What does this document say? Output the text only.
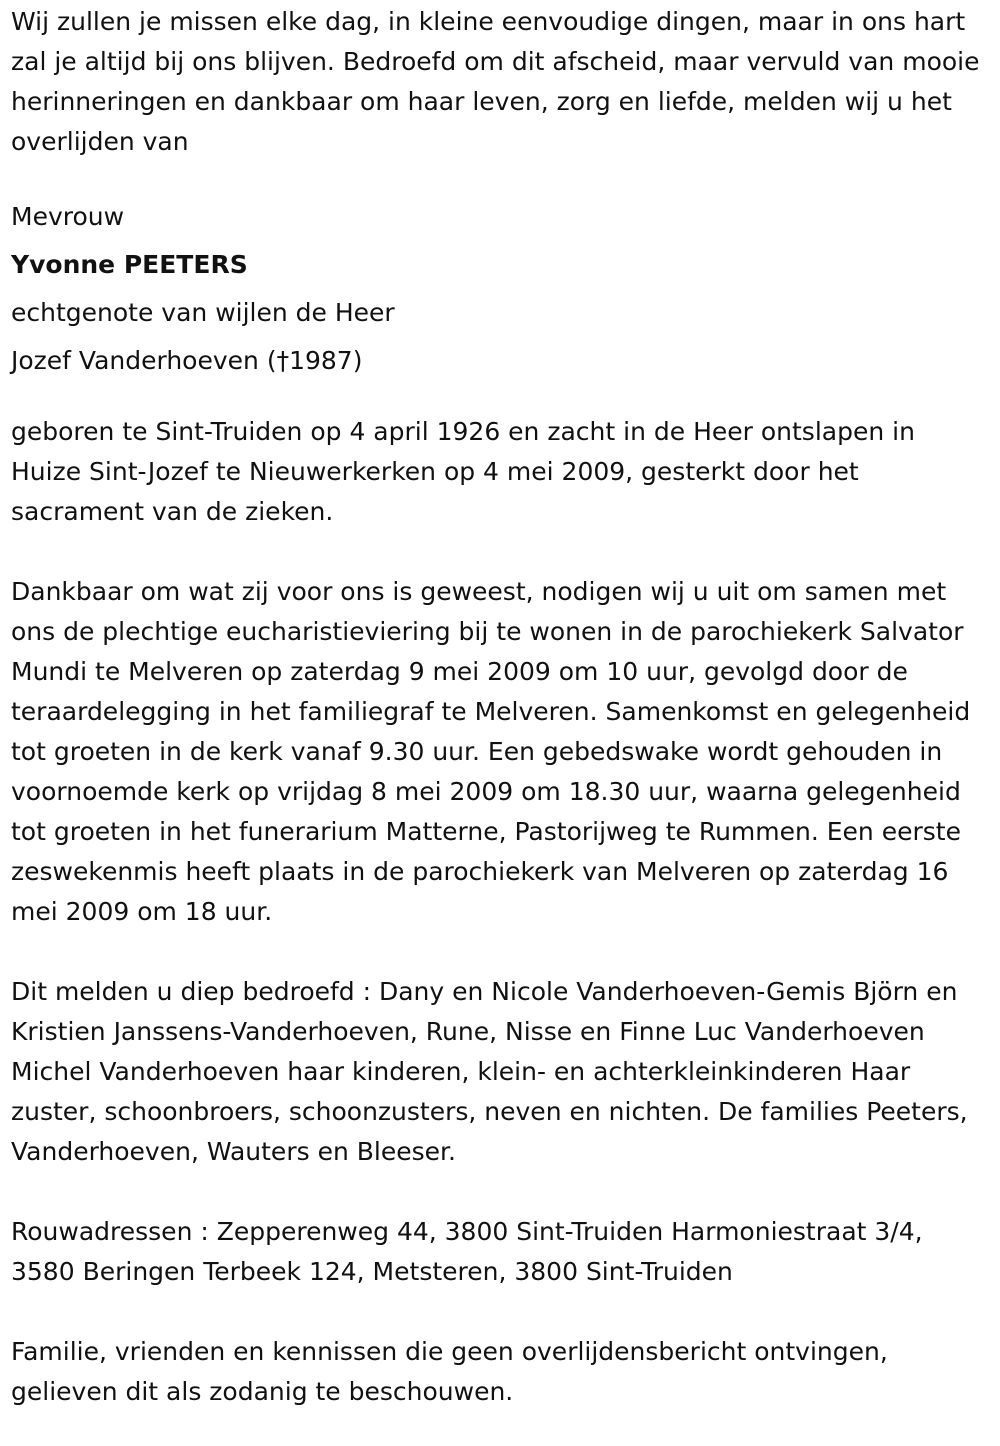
Wij zullen je missen elke dag, in kleine eenvoudige dingen, maar in ons hart zal je altijd bij ons blijven. Bedroefd om dit afscheid, maar vervuld van mooie herinneringen en dankbaar om haar leven, zorg en liefde, melden wij u het overlijden van

Mevrouw

Yvonne PEETERS

echtgenote van wijlen de Heer

Jozef Vanderhoeven (†1987)

geboren te Sint-Truiden op 4 april 1926 en zacht in de Heer ontslapen in Huize Sint-Jozef te Nieuwerkerken op 4 mei 2009, gesterkt door het sacrament van de zieken.

Dankbaar om wat zij voor ons is geweest, nodigen wij u uit om samen met ons de plechtige eucharistieviering bij te wonen in de parochiekerk Salvator Mundi te Melveren op zaterdag 9 mei 2009 om 10 uur, gevolgd door de teraardelegging in het familiegraf te Melveren. Samenkomst en gelegenheid tot groeten in de kerk vanaf 9.30 uur. Een gebedswake wordt gehouden in voornoemde kerk op vrijdag 8 mei 2009 om 18.30 uur, waarna gelegenheid tot groeten in het funerarium Matterne, Pastorijweg te Rummen. Een eerste zeswekenmis heeft plaats in de parochiekerk van Melveren op zaterdag 16 mei 2009 om 18 uur.

Dit melden u diep bedroefd : Dany en Nicole Vanderhoeven-Gemis Björn en Kristien Janssens-Vanderhoeven, Rune, Nisse en Finne Luc Vanderhoeven Michel Vanderhoeven haar kinderen, klein- en achterkleinkinderen Haar zuster, schoonbroers, schoonzusters, neven en nichten. De families Peeters, Vanderhoeven, Wauters en Bleeser.

Rouwadressen : Zepperenweg 44, 3800 Sint-Truiden Harmoniestraat 3/4, 3580 Beringen Terbeek 124, Metsteren, 3800 Sint-Truiden

Familie, vrienden en kennissen die geen overlijdensbericht ontvingen, gelieven dit als zodanig te beschouwen.
